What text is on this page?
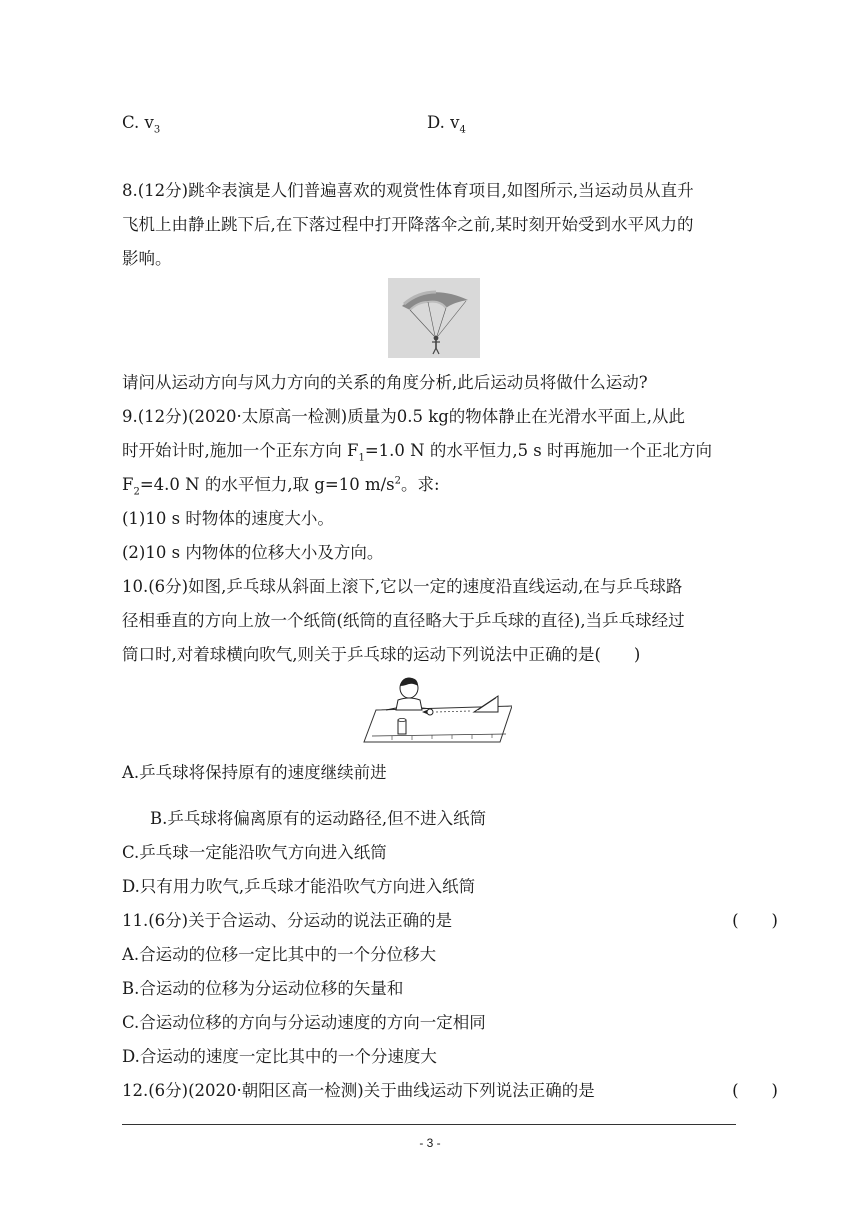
C. $v_3$	D. $v_4$
8.(12分)跳伞表演是人们普遍喜欢的观赏性体育项目,如图所示,当运动员从直升
飞机上由静止跳下后,在下落过程中打开降落伞之前,某时刻开始受到水平风力的
影响。
请问从运动方向与风力方向的关系的角度分析,此后运动员将做什么运动?
9.(12分)(2020·太原高一检测)质量为0.5 kg的物体静止在光滑水平面上,从此
时开始计时,施加一个正东方向 $F_1=1.0$ N 的水平恒力,5 s 时再施加一个正北方向
$F_2=4.0$ N 的水平恒力,取 g=10 $m/s^2$。求:
(1)10 s 时物体的速度大小。
(2)10 s 内物体的位移大小及方向。
10.(6分)如图,乒乓球从斜面上滚下,它以一定的速度沿直线运动,在与乒乓球路
径相垂直的方向上放一个纸筒(纸筒的直径略大于乒乓球的直径),当乒乓球经过
筒口时,对着球横向吹气,则关于乒乓球的运动下列说法中正确的是(　　)
A.乒乓球将保持原有的速度继续前进
B.乒乓球将偏离原有的运动路径,但不进入纸筒
C.乒乓球一定能沿吹气方向进入纸筒
D.只有用力吹气,乒乓球才能沿吹气方向进入纸筒
11.(6分)关于合运动、分运动的说法正确的是	(　　)
A.合运动的位移一定比其中的一个分位移大
B.合运动的位移为分运动位移的矢量和
C.合运动位移的方向与分运动速度的方向一定相同
D.合运动的速度一定比其中的一个分速度大
12.(6分)(2020·朝阳区高一检测)关于曲线运动下列说法正确的是	(　　)
- 3 -
